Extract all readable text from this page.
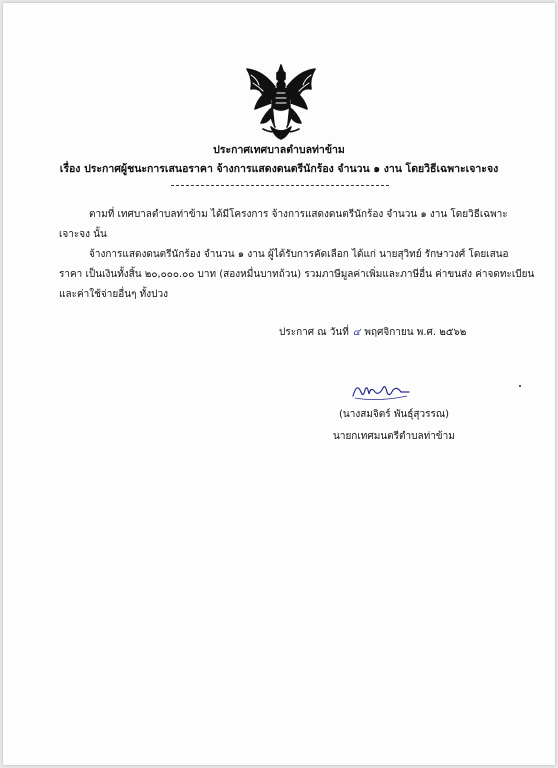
ประกาศเทศบาลตำบลท่าข้าม
เรื่อง ประกาศผู้ชนะการเสนอราคา จ้างการแสดงดนตรีนักร้อง จำนวน ๑ งาน โดยวิธีเฉพาะเจาะจง
ตามที่ เทศบาลตำบลท่าข้าม ได้มีโครงการ จ้างการแสดงดนตรีนักร้อง จำนวน ๑ งาน โดยวิธีเฉพาะ
เจาะจง นั้น
จ้างการแสดงดนตรีนักร้อง จำนวน ๑ งาน ผู้ได้รับการคัดเลือก ได้แก่ นายสุวิทย์ รักษาวงศ์ โดยเสนอ
ราคา เป็นเงินทั้งสิ้น ๒๐,๐๐๐.๐๐ บาท (สองหมื่นบาทถ้วน) รวมภาษีมูลค่าเพิ่มและภาษีอื่น ค่าขนส่ง ค่าจดทะเบียน
และค่าใช้จ่ายอื่นๆ ทั้งปวง
ประกาศ ณ วันที่ ๔ พฤศจิกายน พ.ศ. ๒๕๖๒
(นางสมจิตร์ พันธุ์สุวรรณ)
นายกเทศมนตรีตำบลท่าข้าม
